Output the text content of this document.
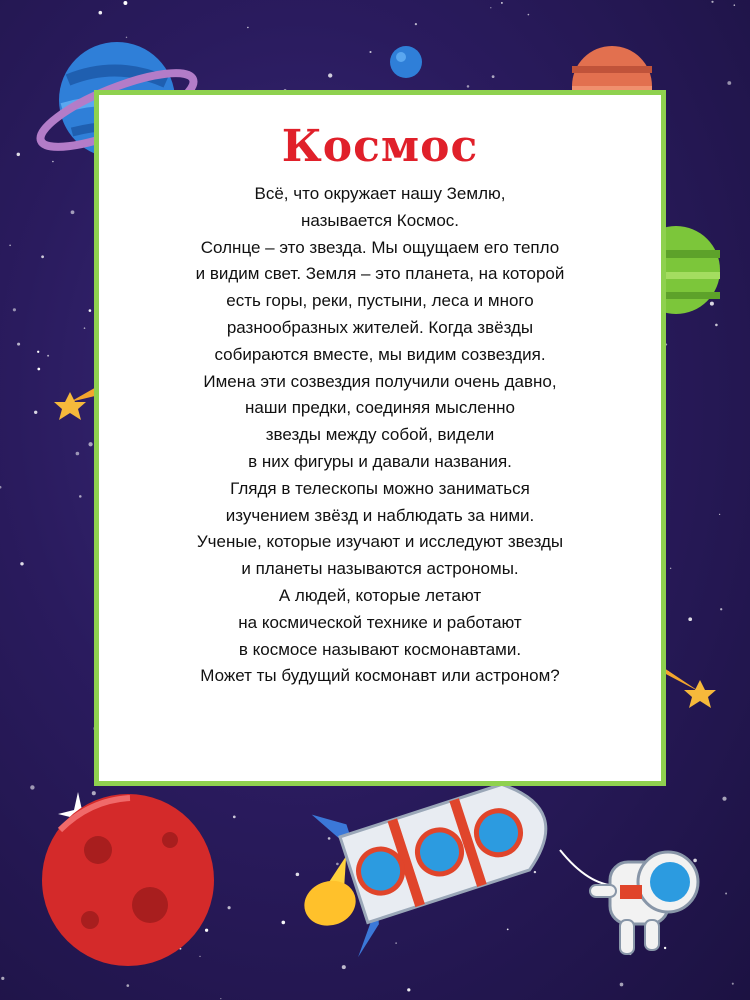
Космос
Всё, что окружает нашу Землю,
называется Космос.
Солнце – это звезда. Мы ощущаем его тепло
и видим свет. Земля – это планета, на которой
есть горы, реки, пустыни, леса и много
разнообразных жителей. Когда звёзды
собираются вместе, мы видим созвездия.
Имена эти созвездия получили очень давно,
наши предки, соединяя мысленно
звезды между собой, видели
в них фигуры и давали названия.
Глядя в телескопы можно заниматься
изучением звёзд и наблюдать за ними.
Ученые, которые изучают и исследуют звезды
и планеты называются астрономы.
А людей, которые летают
на космической технике и работают
в космосе называют космонавтами.
Может ты будущий космонавт или астроном?
